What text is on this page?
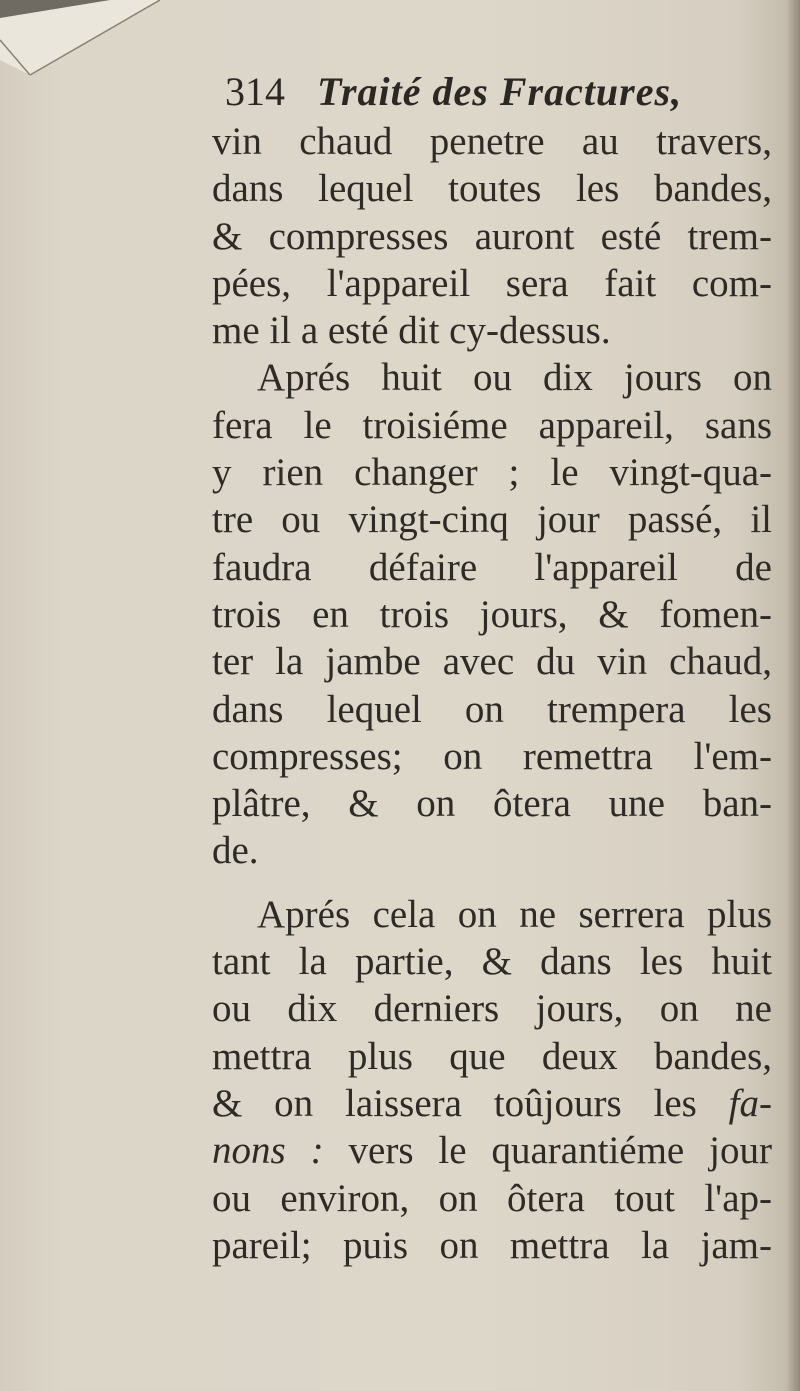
314 Traité des Fractures,
vin chaud penetre au travers,
dans lequel toutes les bandes,
& compresses auront esté trem-
pées, l'appareil sera fait com-
me il a esté dit cy-dessus.
Aprés huit ou dix jours on
fera le troisiéme appareil, sans
y rien changer ; le vingt-qua-
tre ou vingt-cinq jour passé, il
faudra défaire l'appareil de
trois en trois jours, & fomen-
ter la jambe avec du vin chaud,
dans lequel on trempera les
compresses; on remettra l'em-
plâtre, & on ôtera une ban-
de.
Aprés cela on ne serrera plus
tant la partie, & dans les huit
ou dix derniers jours, on ne
mettra plus que deux bandes,
& on laissera toûjours les fa-
nons : vers le quarantiéme jour
ou environ, on ôtera tout l'ap-
pareil; puis on mettra la jam-
